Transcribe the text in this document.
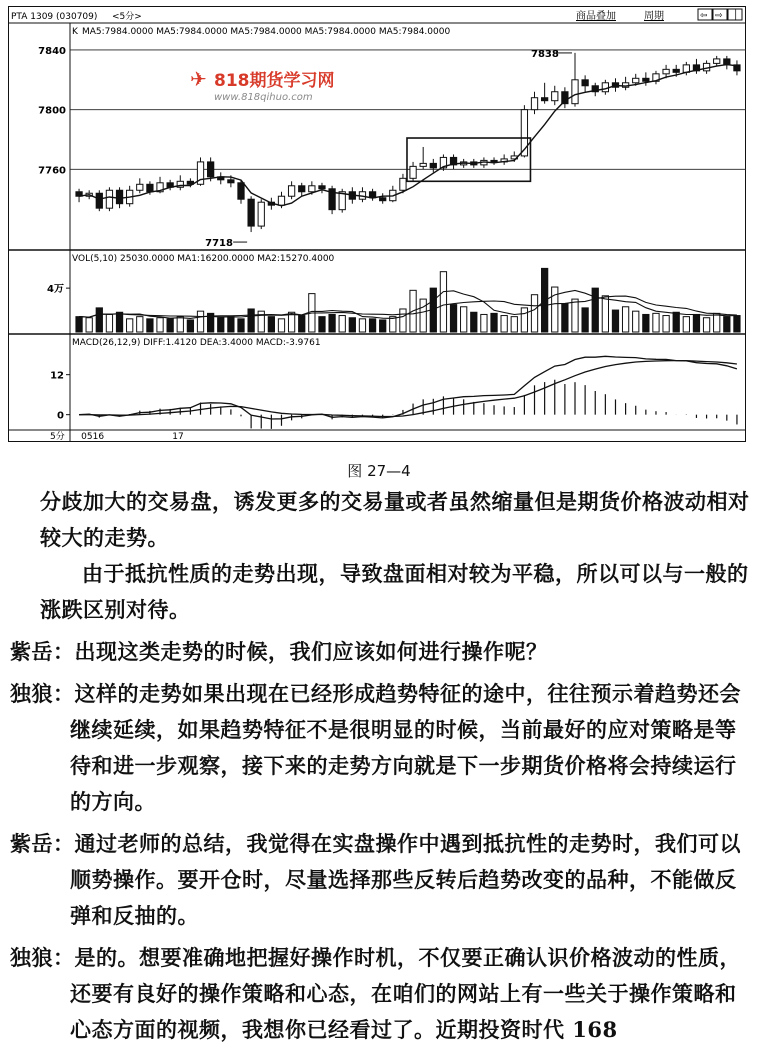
PTA 1309 (030709) <5分>	商品叠加	周期	⇦ ⇨ │
K MA5:7984.0000 MA5:7984.0000 MA5:7984.0000 MA5:7984.0000 MA5:7984.0000
7840
7800
7760
✈ 818期货学习网
www.818qihuo.com
7838
7718
VOL(5,10) 25030.0000 MA1:16200.0000 MA2:15270.4000
4万
MACD(26,12,9) DIFF:1.4120 DEA:3.4000 MACD:-3.9761
12
0
5分 0516	17
图 27—4

分歧加大的交易盘，诱发更多的交易量或者虽然缩量但是期货价格波动相对较大的走势。

由于抵抗性质的走势出现，导致盘面相对较为平稳，所以可以与一般的涨跌区别对待。

紫岳：出现这类走势的时候，我们应该如何进行操作呢？

独狼：这样的走势如果出现在已经形成趋势特征的途中，往往预示着趋势还会继续延续，如果趋势特征不是很明显的时候，当前最好的应对策略是等待和进一步观察，接下来的走势方向就是下一步期货价格将会持续运行的方向。

紫岳：通过老师的总结，我觉得在实盘操作中遇到抵抗性的走势时，我们可以顺势操作。要开仓时，尽量选择那些反转后趋势改变的品种，不能做反弹和反抽的。

独狼：是的。想要准确地把握好操作时机，不仅要正确认识价格波动的性质，还要有良好的操作策略和心态，在咱们的网站上有一些关于操作策略和心态方面的视频，我想你已经看过了。近期投资时代 168
